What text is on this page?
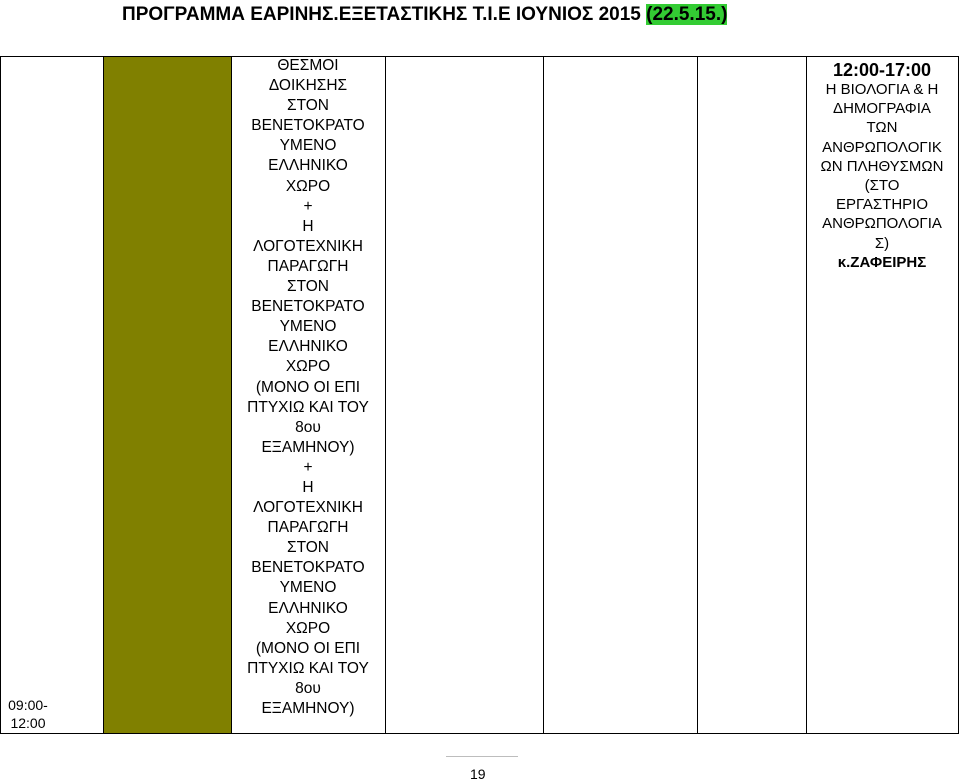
ΠΡΟΓΡΑΜΜΑ ΕΑΡΙΝΗΣ.ΕΞΕΤΑΣΤΙΚΗΣ Τ.Ι.Ε ΙΟΥΝΙΟΣ 2015 (22.5.15.)
09:00-
12:00
ΘΕΣΜΟΙ
ΔΟΙΚΗΣΗΣ
ΣΤΟΝ
ΒΕΝΕΤΟΚΡΑΤΟ
ΥΜΕΝΟ
ΕΛΛΗΝΙΚΟ
ΧΩΡΟ
+
Η
ΛΟΓΟΤΕΧΝΙΚΗ
ΠΑΡΑΓΩΓΗ
ΣΤΟΝ
ΒΕΝΕΤΟΚΡΑΤΟ
ΥΜΕΝΟ
ΕΛΛΗΝΙΚΟ
ΧΩΡΟ
(ΜΟΝΟ ΟΙ ΕΠΙ
ΠΤΥΧΙΩ ΚΑΙ ΤΟΥ
8ου
ΕΞΑΜΗΝΟΥ)
+
Η
ΛΟΓΟΤΕΧΝΙΚΗ
ΠΑΡΑΓΩΓΗ
ΣΤΟΝ
ΒΕΝΕΤΟΚΡΑΤΟ
ΥΜΕΝΟ
ΕΛΛΗΝΙΚΟ
ΧΩΡΟ
(ΜΟΝΟ ΟΙ ΕΠΙ
ΠΤΥΧΙΩ ΚΑΙ ΤΟΥ
8ου
ΕΞΑΜΗΝΟΥ)
12:00-17:00
Η ΒΙΟΛΟΓΙΑ & Η
ΔΗΜΟΓΡΑΦΙΑ
ΤΩΝ
ΑΝΘΡΩΠΟΛΟΓΙΚ
ΩΝ ΠΛΗΘΥΣΜΩΝ
(ΣΤΟ
ΕΡΓΑΣΤΗΡΙΟ
ΑΝΘΡΩΠΟΛΟΓΙΑ
Σ)
κ.ΖΑΦΕΙΡΗΣ
19
